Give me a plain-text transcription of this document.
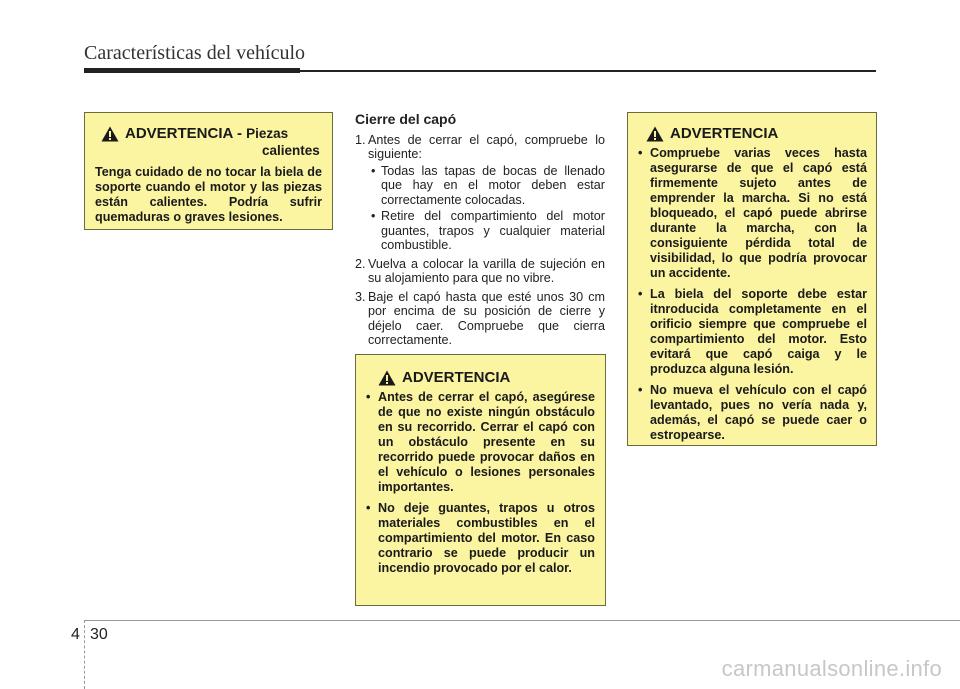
Características del vehículo
ADVERTENCIA - Piezas
calientes
Tenga cuidado de no tocar la biela de soporte cuando el motor y las piezas están calientes. Podría sufrir quemaduras o graves lesiones.
Cierre del capó
1. Antes de cerrar el capó, compruebe lo siguiente:
• Todas las tapas de bocas de llenado que hay en el motor deben estar correctamente colocadas.
• Retire del compartimiento del motor guantes, trapos y cualquier material combustible.
2. Vuelva a colocar la varilla de sujeción en su alojamiento para que no vibre.
3. Baje el capó hasta que esté unos 30 cm por encima de su posición de cierre y déjelo caer. Compruebe que cierra correctamente.
ADVERTENCIA
• Antes de cerrar el capó, asegúrese de que no existe ningún obstáculo en su recorrido. Cerrar el capó con un obstáculo presente en su recorrido puede provocar daños en el vehículo o lesiones personales importantes.
• No deje guantes, trapos u otros materiales combustibles en el compartimiento del motor. En caso contrario se puede producir un incendio provocado por el calor.
ADVERTENCIA
• Compruebe varias veces hasta asegurarse de que el capó está firmemente sujeto antes de emprender la marcha. Si no está bloqueado, el capó puede abrirse durante la marcha, con la consiguiente pérdida total de visibilidad, lo que podría provocar un accidente.
• La biela del soporte debe estar itnroducida completamente en el orificio siempre que compruebe el compartimiento del motor. Esto evitará que capó caiga y le produzca alguna lesión.
• No mueva el vehículo con el capó levantado, pues no vería nada y, además, el capó se puede caer o estropearse.
4 30
carmanualsonline.info
